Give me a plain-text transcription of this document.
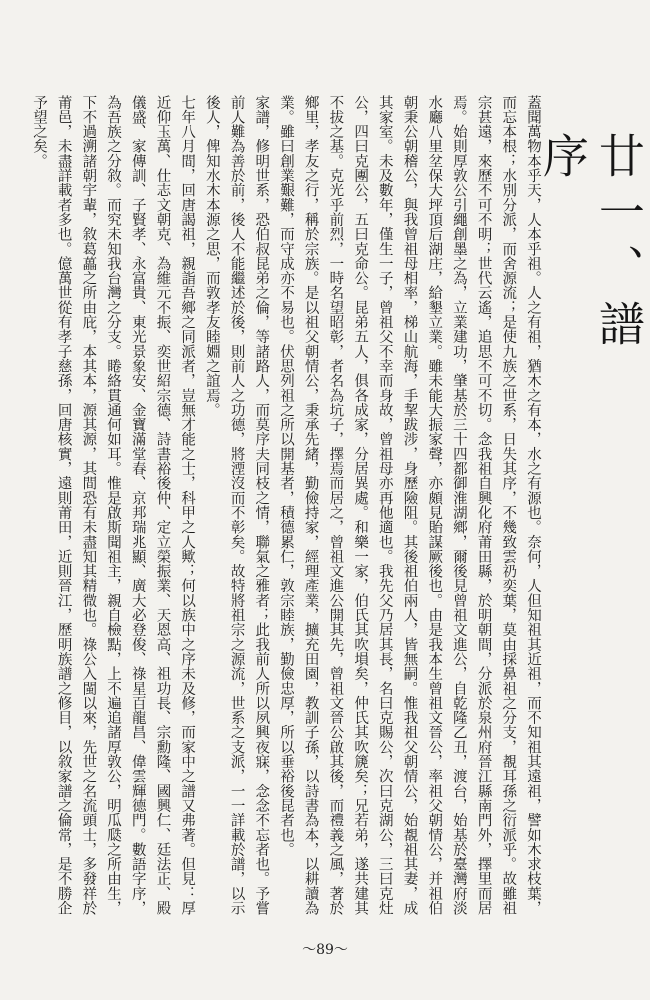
廿一、譜序

蓋聞萬物本乎天，人本乎祖。人之有祖，猶木之有本，水之有源也。奈何，人但知祖其近祖，而不知祖其遠祖，譬如木求枝葉，而忘本根；水別分派，而舍源流；是使九族之世系，日失其序，不幾致雲礽奕葉，莫由採鼻祖之分支，覩耳孫之衍派乎。故雖祖宗甚遠，來歷不可不明；世代云遙，追思不可不切。念我祖自興化府莆田縣，於明朝間，分派於泉州府晉江縣南門外，擇里而居焉。始則厚敦公引繩創墨之為，立業建功，肇基於三十四都御淮湖鄉，爾後見曾祖文進公，自乾隆乙丑，渡台，始基於臺灣府淡水廳八里坌保大坪頂后湖庄，給墾立業。雖未能大振家聲，亦頗見貽謀厥後也。由是我本生曾祖文晉公，率祖父朝情公，并祖伯朝秉公朝稽公，與我曾祖母相率，梯山航海，手挈跋涉，身歷險阻。其後祖伯兩人，皆無嗣。惟我祖父朝情公，始覩祖其妻，成其家室。未及數年，僅生一子，曾祖父不幸而身故，曾祖母亦再他適也。我先父乃居其長，名曰克賜公，次曰克湖公，三曰克灶公，四曰克團公，五曰克命公。昆弟五人，俱各成家，分居異處。和樂一家，伯氏其吹塤矣，仲氏其吹篪矣；兄若弟，遂共建其不拔之基。克光乎前烈，一時名望昭彰，者名為坑子，擇焉而居之，曾祖文進公開其先，曾祖文晉公啟其後，而禮義之風，著於鄉里，孝友之行，稱於宗族。是以祖父朝情公，秉承先緒，勤儉持家，經理產業，擴充田園，教訓子孫，以詩書為本，以耕讀為業。雖曰創業艱難，而守成亦不易也。伏思列祖之所以開基者，積德累仁，敦宗睦族，勤儉忠厚，所以垂裕後昆者也。

家譜，修明世系，恐伯叔昆弟之倫，等諸路人，而莫序夫同枝之情，聯氣之雅者；此我前人所以夙興夜寐，念念不忘者也。予嘗前人難為善於前，後人不能繼述於後，則前人之功德，將湮沒而不彰矣。故特將祖宗之源流，世系之支派，一一詳載於譜，以示後人，俾知水木本源之思，而敦孝友睦婣之誼焉。

七年八月間，回唐謁祖，親詣吾鄉之同派者，豈無才能之士，科甲之人歟；何以族中之序未及修，而家中之譜又弗著。但見：厚近仰玉萬、仕志文朝克、為維元不振、奕世紹宗德、詩書裕後仲、定立榮振業、天恩高、祖功長、宗勳隆、國興仁、廷法正、殿儀盛、家傳訓、子賢孝、永富貴、東光景象安、金寶滿堂春、京邦瑞兆顯、廣大必登俊、祿星百龍昌、偉雲輝德門。數語字序，為吾族之分敘。而究未知我台灣之分支。睠絡貫通何如耳。惟是啟斯聞祖主，親自檢點，上不遍追諸厚敦公，明瓜瓞之所由生，下不過溯諸朝宇輩，敘葛藟之所由庇，本其本，源其源，其間恐有未盡知其精微也。祿公入閩以來，先世之名流頭士，多發祥於莆邑，未盡詳載者多也。億萬世從有孝子慈孫，回唐核實，遠則莆田，近則晉江，歷明族譜之修目，以敘家譜之倫常，是不勝企予望之矣。

～89～
